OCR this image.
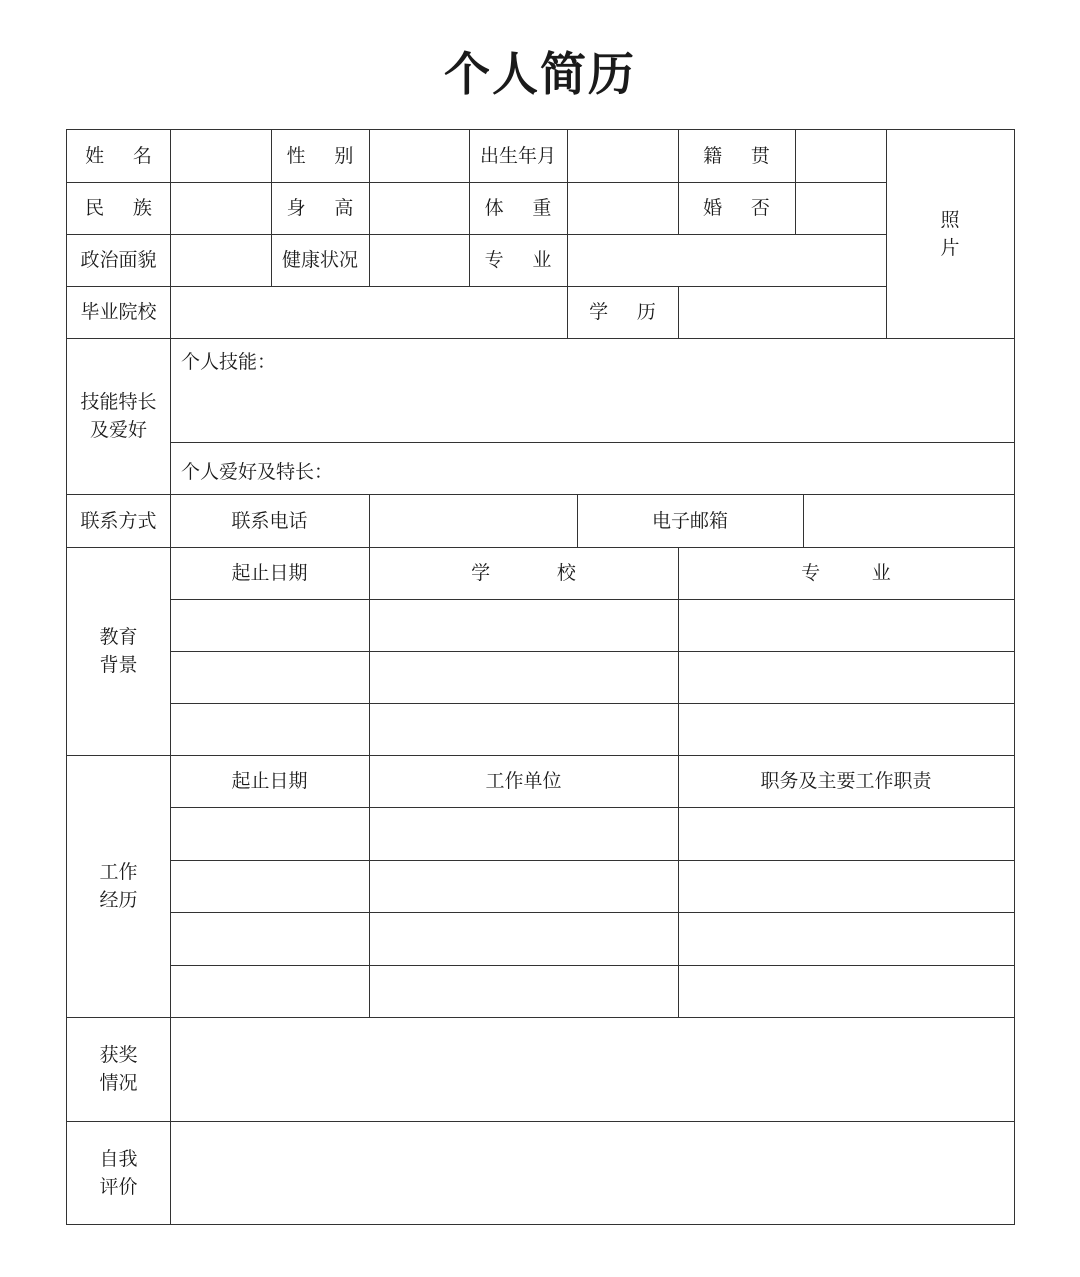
个人简历
姓 名	性 别	出生年月	籍 贯
民 族	身 高	体 重	婚 否
政治面貌	健康状况	专 业
毕业院校	学 历
照
片
技能特长
及爱好
个人技能：
个人爱好及特长：
联系方式	联系电话	电子邮箱
教育
背景
起止日期	学 校	专 业
工作
经历
起止日期	工作单位	职务及主要工作职责
获奖
情况
自我
评价
